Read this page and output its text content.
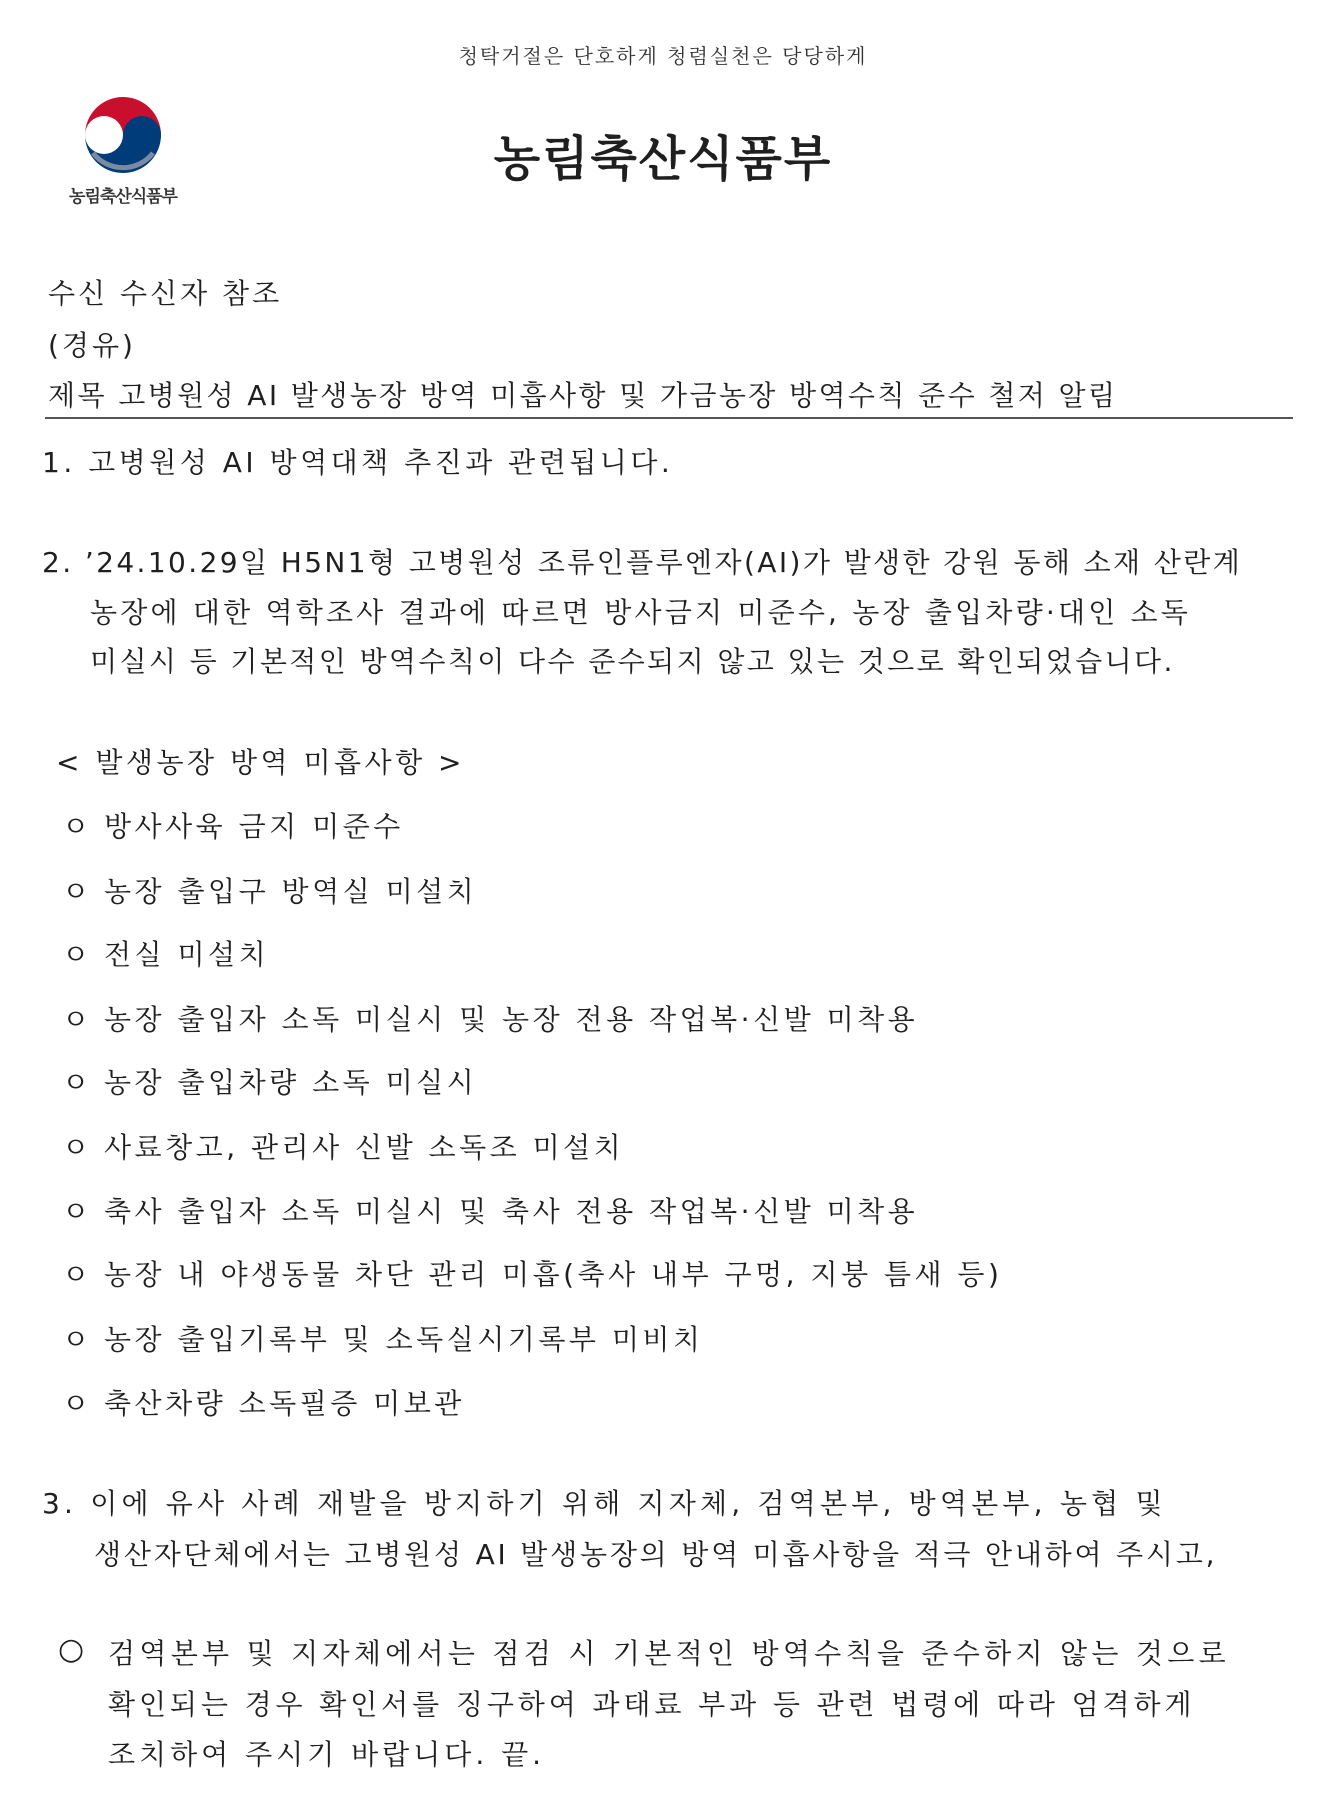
청탁거절은 단호하게 청렴실천은 당당하게
농림축산식품부
농림축산식품부
수신 수신자 참조
(경유)
제목 고병원성 AI 발생농장 방역 미흡사항 및 가금농장 방역수칙 준수 철저 알림
1. 고병원성 AI 방역대책 추진과 관련됩니다.
2. ’24.10.29일 H5N1형 고병원성 조류인플루엔자(AI)가 발생한 강원 동해 소재 산란계
농장에 대한 역학조사 결과에 따르면 방사금지 미준수, 농장 출입차량·대인 소독
미실시 등 기본적인 방역수칙이 다수 준수되지 않고 있는 것으로 확인되었습니다.
< 발생농장 방역 미흡사항 >
ㅇ 방사사육 금지 미준수
ㅇ 농장 출입구 방역실 미설치
ㅇ 전실 미설치
ㅇ 농장 출입자 소독 미실시 및 농장 전용 작업복·신발 미착용
ㅇ 농장 출입차량 소독 미실시
ㅇ 사료창고, 관리사 신발 소독조 미설치
ㅇ 축사 출입자 소독 미실시 및 축사 전용 작업복·신발 미착용
ㅇ 농장 내 야생동물 차단 관리 미흡(축사 내부 구멍, 지붕 틈새 등)
ㅇ 농장 출입기록부 및 소독실시기록부 미비치
ㅇ 축산차량 소독필증 미보관
3. 이에 유사 사례 재발을 방지하기 위해 지자체, 검역본부, 방역본부, 농협 및
생산자단체에서는 고병원성 AI 발생농장의 방역 미흡사항을 적극 안내하여 주시고,
○ 검역본부 및 지자체에서는 점검 시 기본적인 방역수칙을 준수하지 않는 것으로
확인되는 경우 확인서를 징구하여 과태료 부과 등 관련 법령에 따라 엄격하게
조치하여 주시기 바랍니다. 끝.
